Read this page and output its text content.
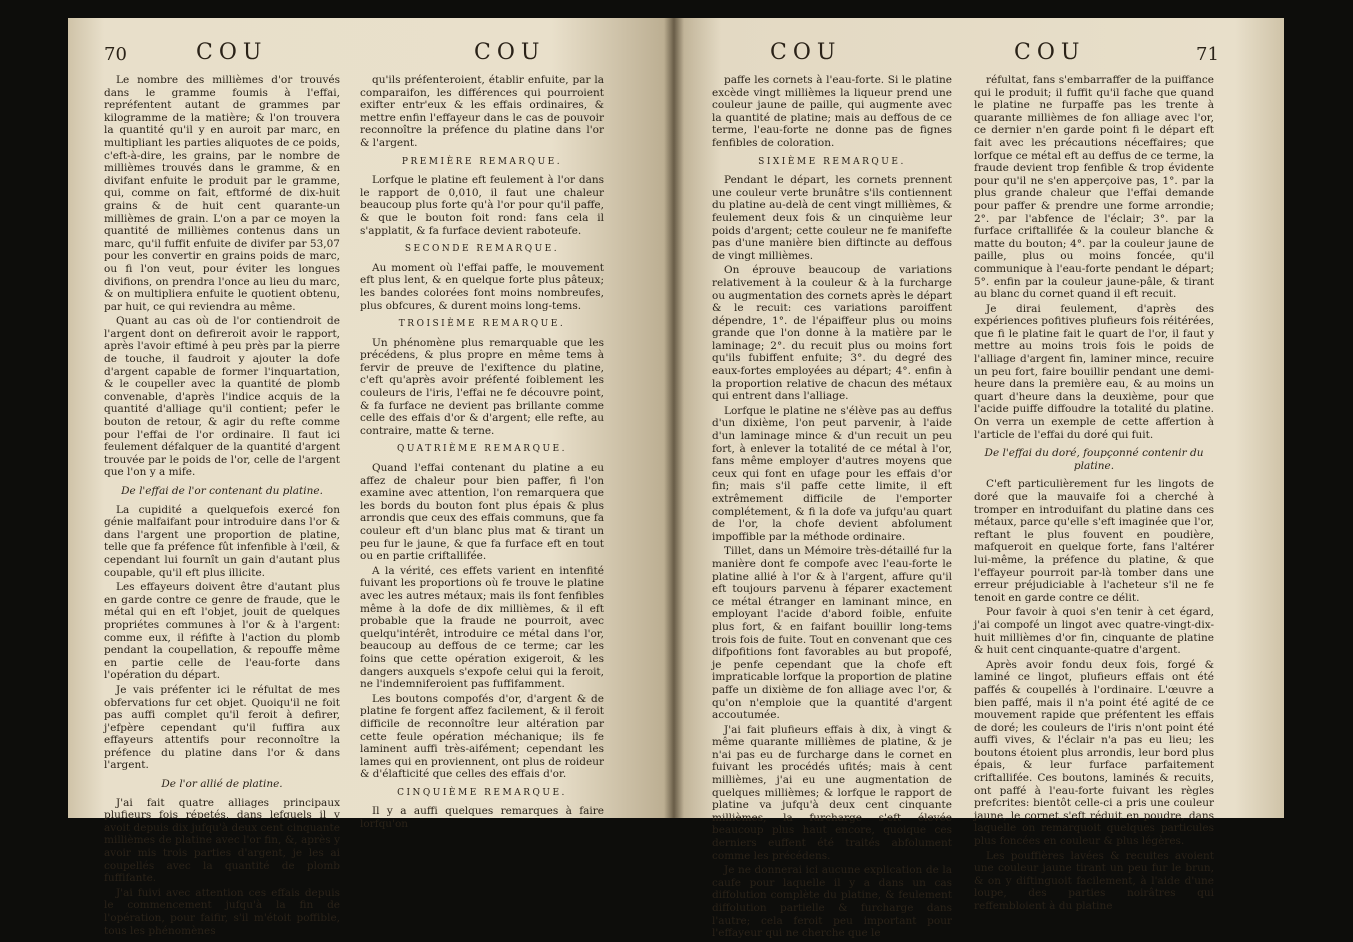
70	COU	COU

Le nombre des millièmes d'or trouvés dans le gramme foumis à l'effai, repréfentent autant de grammes par kilogramme de la matière; & l'on trouvera la quantité qu'il y en auroit par marc, en multipliant les parties aliquotes de ce poids, c'eft-à-dire, les grains, par le nombre de millièmes trouvés dans le gramme, & en divifant enfuite le produit par le gramme, qui, comme on fait, eftformé de dix-huit grains & de huit cent quarante-un millièmes de grain. L'on a par ce moyen la quantité de millièmes contenus dans un marc, qu'il fuffit enfuite de divifer par 53,07 pour les convertir en grains poids de marc, ou fi l'on veut, pour éviter les longues divifions, on prendra l'once au lieu du marc, & on multipliera enfuite le quotient obtenu, par huit, ce qui reviendra au même.

Quant au cas où de l'or contiendroit de l'argent dont on defireroit avoir le rapport, après l'avoir eftimé à peu près par la pierre de touche, il faudroit y ajouter la dofe d'argent capable de former l'inquartation, & le coupeller avec la quantité de plomb convenable, d'après l'indice acquis de la quantité d'alliage qu'il contient; pefer le bouton de retour, & agir du refte comme pour l'effai de l'or ordinaire. Il faut ici feulement défalquer de la quantité d'argent trouvée par le poids de l'or, celle de l'argent que l'on y a mife.

De l'effai de l'or contenant du platine.

La cupidité a quelquefois exercé fon génie malfaifant pour introduire dans l'or & dans l'argent une proportion de platine, telle que fa préfence fût infenfible à l'œil, & cependant lui fournît un gain d'autant plus coupable, qu'il eft plus illicite.

Les effayeurs doivent être d'autant plus en garde contre ce genre de fraude, que le métal qui en eft l'objet, jouit de quelques propriétes communes à l'or & à l'argent: comme eux, il réfifte à l'action du plomb pendant la coupellation, & repouffe même en partie celle de l'eau-forte dans l'opération du départ.

Je vais préfenter ici le réfultat de mes obfervations fur cet objet. Quoiqu'il ne foit pas auffi complet qu'il feroit à defirer, j'efpère cependant qu'il fuffira aux effayeurs attentifs pour reconnoître la préfence du platine dans l'or & dans l'argent.

De l'or allié de platine.

J'ai fait quatre alliages principaux plufieurs fois répetés, dans lefquels il y avoit depuis dix jufqu'à deux cent cinquante millièmes de platine avec l'or fin, &, après y avoir mis trois parties d'argent, je les ai coupellés avec la quantité de plomb fuffifante.

J'ai fuivi avec attention ces effais depuis le commencement jufqu'à la fin de l'opération, pour faifir, s'il m'étoit poffible, tous les phénomènes

qu'ils préfenteroient, établir enfuite, par la comparaifon, les différences qui pourroient exifter entr'eux & les effais ordinaires, & mettre enfin l'effayeur dans le cas de pouvoir reconnoître la préfence du platine dans l'or & l'argent.

PREMIÈRE REMARQUE.

Lorfque le platine eft feulement à l'or dans le rapport de 0,010, il faut une chaleur beaucoup plus forte qu'à l'or pour qu'il paffe, & que le bouton foit rond: fans cela il s'applatit, & fa furface devient raboteufe.

SECONDE REMARQUE.

Au moment où l'effai paffe, le mouvement eft plus lent, & en quelque forte plus pâteux; les bandes colorées font moins nombreufes, plus obfcures, & durent moins long-tems.

TROISIÈME REMARQUE.

Un phénomène plus remarquable que les précédens, & plus propre en même tems à fervir de preuve de l'exiftence du platine, c'eft qu'après avoir préfenté foiblement les couleurs de l'iris, l'effai ne fe découvre point, & fa furface ne devient pas brillante comme celle des effais d'or & d'argent; elle refte, au contraire, matte & terne.

QUATRIÈME REMARQUE.

Quand l'effai contenant du platine a eu affez de chaleur pour bien paffer, fi l'on examine avec attention, l'on remarquera que les bords du bouton font plus épais & plus arrondis que ceux des effais communs, que fa couleur eft d'un blanc plus mat & tirant un peu fur le jaune, & que fa furface eft en tout ou en partie criftallifée.

A la vérité, ces effets varient en intenfité fuivant les proportions où fe trouve le platine avec les autres métaux; mais ils font fenfibles même à la dofe de dix millièmes, & il eft probable que la fraude ne pourroit, avec quelqu'intérêt, introduire ce métal dans l'or, beaucoup au deffous de ce terme; car les foins que cette opération exigeroit, & les dangers auxquels s'expofe celui qui la feroit, ne l'indemniferoient pas fuffifamment.

Les boutons compofés d'or, d'argent & de platine fe forgent affez facilement, & il feroit difficile de reconnoître leur altération par cette feule opération méchanique; ils fe laminent auffi très-aifément; cependant les lames qui en proviennent, ont plus de roideur & d'élafticité que celles des effais d'or.

CINQUIÈME REMARQUE.

Il y a auffi quelques remarques à faire lorfqu'on

COU	COU	71

paffe les cornets à l'eau-forte. Si le platine excède vingt millièmes la liqueur prend une couleur jaune de paille, qui augmente avec la quantité de platine; mais au deffous de ce terme, l'eau-forte ne donne pas de fignes fenfibles de coloration.

SIXIÈME REMARQUE.

Pendant le départ, les cornets prennent une couleur verte brunâtre s'ils contiennent du platine au-delà de cent vingt millièmes, & feulement deux fois & un cinquième leur poids d'argent; cette couleur ne fe manifefte pas d'une manière bien diftincte au deffous de vingt millièmes.

On éprouve beaucoup de variations relativement à la couleur & à la furcharge ou augmentation des cornets après le départ & le recuit: ces variations paroiffent dépendre, 1°. de l'épaiffeur plus ou moins grande que l'on donne à la matière par le laminage; 2°. du recuit plus ou moins fort qu'ils fubiffent enfuite; 3°. du degré des eaux-fortes employées au départ; 4°. enfin à la proportion relative de chacun des métaux qui entrent dans l'alliage.

Lorfque le platine ne s'élève pas au deffus d'un dixième, l'on peut parvenir, à l'aide d'un laminage mince & d'un recuit un peu fort, à enlever la totalité de ce métal à l'or, fans même employer d'autres moyens que ceux qui font en ufage pour les effais d'or fin; mais s'il paffe cette limite, il eft extrêmement difficile de l'emporter complétement, & fi la dofe va jufqu'au quart de l'or, la chofe devient abfolument impoffible par la méthode ordinaire.

Tillet, dans un Mémoire très-détaillé fur la manière dont fe compofe avec l'eau-forte le platine allié à l'or & à l'argent, affure qu'il eft toujours parvenu à féparer exactement ce métal étranger en laminant mince, en employant l'acide d'abord foible, enfuite plus fort, & en faifant bouillir long-tems trois fois de fuite. Tout en convenant que ces difpofitions font favorables au but propofé, je penfe cependant que la chofe eft impraticable lorfque la proportion de platine paffe un dixième de fon alliage avec l'or, & qu'on n'emploie que la quantité d'argent accoutumée.

J'ai fait plufieurs effais à dix, à vingt & même quarante millièmes de platine, & je n'ai pas eu de furcharge dans le cornet en fuivant les procédés ufités; mais à cent millièmes, j'ai eu une augmentation de quelques millièmes; & lorfque le rapport de platine va jufqu'à deux cent cinquante millièmes, la furcharge s'eft élevée beaucoup plus haut encore, quoique ces derniers euffent été traités abfolument comme les précédens.

Je ne donnerai ici aucune explication de la caufe pour laquelle il y a dans un cas diffolution complète du platine, & feulement diffolution partielle & furcharge dans l'autre; cela feroit peu important pour l'effayeur qui ne cherche que le

réfultat, fans s'embarraffer de la puiffance qui le produit; il fuffit qu'il fache que quand le platine ne furpaffe pas les trente à quarante millièmes de fon alliage avec l'or, ce dernier n'en garde point fi le départ eft fait avec les précautions néceffaires; que lorfque ce métal eft au deffus de ce terme, la fraude devient trop fenfible & trop évidente pour qu'il ne s'en apperçoive pas, 1°. par la plus grande chaleur que l'effai demande pour paffer & prendre une forme arrondie; 2°. par l'abfence de l'éclair; 3°. par la furface criftallifée & la couleur blanche & matte du bouton; 4°. par la couleur jaune de paille, plus ou moins foncée, qu'il communique à l'eau-forte pendant le départ; 5°. enfin par la couleur jaune-pâle, & tirant au blanc du cornet quand il eft recuit.

Je dirai feulement, d'après des expériences pofitives plufieurs fois réitérées, que fi le platine fait le quart de l'or, il faut y mettre au moins trois fois le poids de l'alliage d'argent fin, laminer mince, recuire un peu fort, faire bouillir pendant une demi-heure dans la première eau, & au moins un quart d'heure dans la deuxième, pour que l'acide puiffe diffoudre la totalité du platine. On verra un exemple de cette affertion à l'article de l'effai du doré qui fuit.

De l'effai du doré, foupçonné contenir du platine.

C'eft particulièrement fur les lingots de doré que la mauvaife foi a cherché à tromper en introduifant du platine dans ces métaux, parce qu'elle s'eft imaginée que l'or, reftant le plus fouvent en poudière, mafqueroit en quelque forte, fans l'altérer lui-même, la préfence du platine, & que l'effayeur pourroit par-là tomber dans une erreur préjudiciable à l'acheteur s'il ne fe tenoit en garde contre ce délit.

Pour favoir à quoi s'en tenir à cet égard, j'ai compofé un lingot avec quatre-vingt-dix-huit millièmes d'or fin, cinquante de platine & huit cent cinquante-quatre d'argent.

Après avoir fondu deux fois, forgé & laminé ce lingot, plufieurs effais ont été paffés & coupellés à l'ordinaire. L'œuvre a bien paffé, mais il n'a point été agité de ce mouvement rapide que préfentent les effais de doré; les couleurs de l'iris n'ont point été auffi vives, & l'éclair n'a pas eu lieu; les boutons étoient plus arrondis, leur bord plus épais, & leur furface parfaitement criftallifée. Ces boutons, laminés & recuits, ont paffé à l'eau-forte fuivant les règles prefcrites: bientôt celle-ci a pris une couleur jaune, le cornet s'eft réduit en poudre, dans laquelle on remarquoit quelques particules plus foncées en couleur & plus légères.

Les pouffières lavées & recuites avoient une couleur jaune tirant un peu fur le brun, & on y diftinguoit facilement, à l'aide d'une loupe, des parties noirâtres qui reffembloient à du platine
